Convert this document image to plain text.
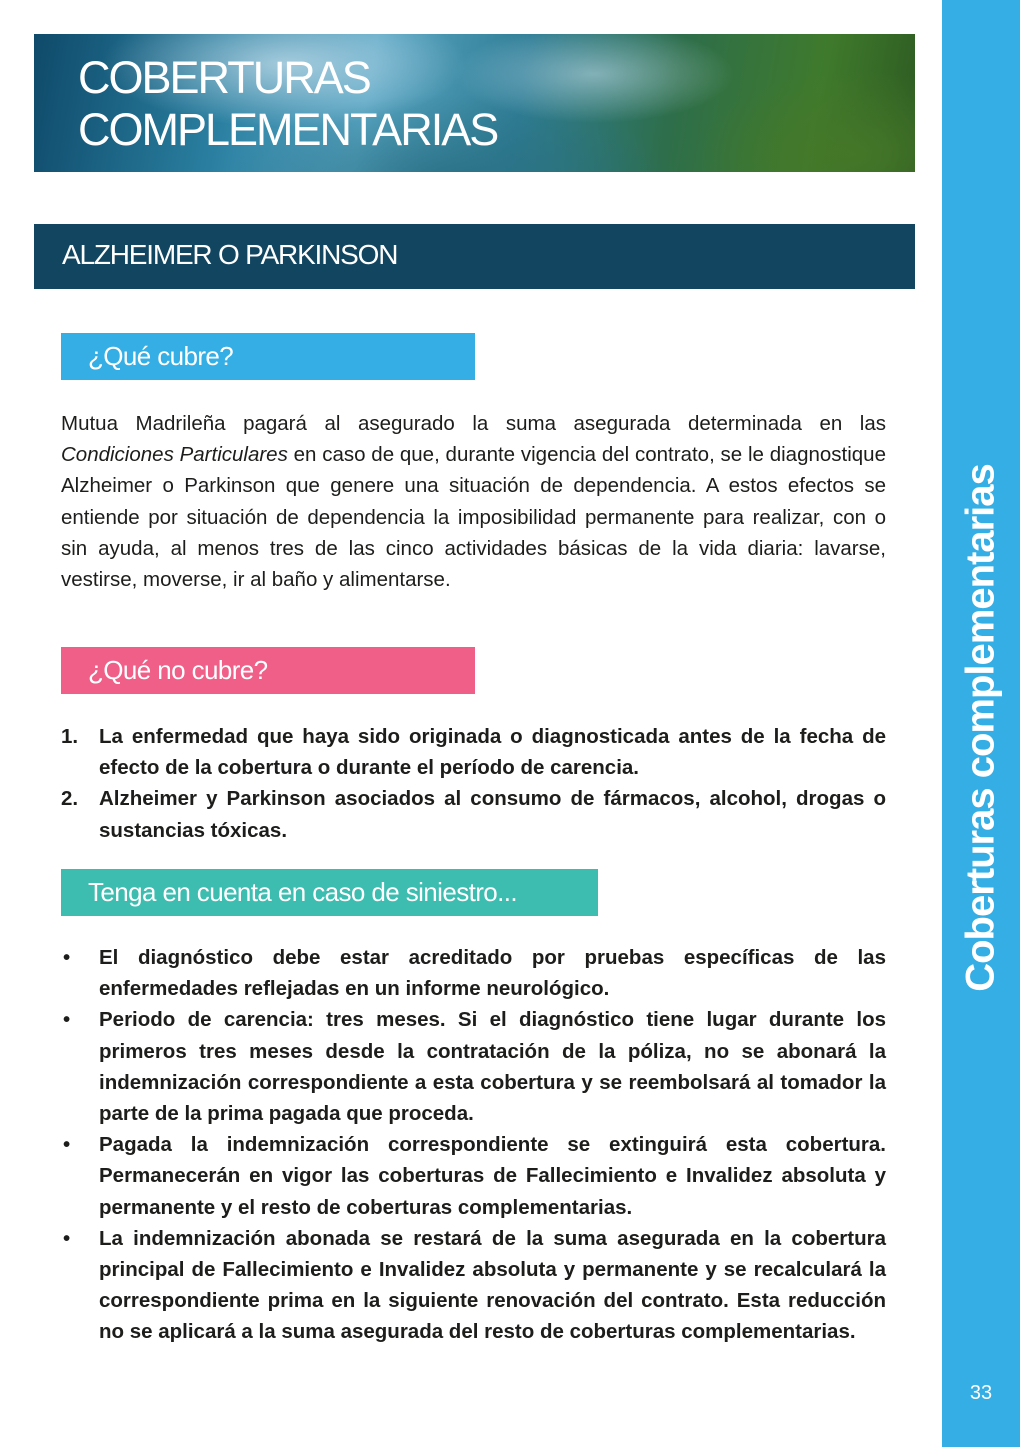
COBERTURAS
COMPLEMENTARIAS
ALZHEIMER O PARKINSON
¿Qué cubre?

Mutua Madrileña pagará al asegurado la suma asegurada determinada en las Condiciones Particulares en caso de que, durante vigencia del contrato, se le diagnostique Alzheimer o Parkinson que genere una situación de dependencia. A estos efectos se entiende por situación de dependencia la imposibilidad permanente para realizar, con o sin ayuda, al menos tres de las cinco actividades básicas de la vida diaria: lavarse, vestirse, moverse, ir al baño y alimentarse.

¿Qué no cubre?
1. La enfermedad que haya sido originada o diagnosticada antes de la fecha de efecto de la cobertura o durante el período de carencia.
2. Alzheimer y Parkinson asociados al consumo de fármacos, alcohol, drogas o sustancias tóxicas.
Tenga en cuenta en caso de siniestro...
• El diagnóstico debe estar acreditado por pruebas específicas de las enfermedades reflejadas en un informe neurológico.
• Periodo de carencia: tres meses. Si el diagnóstico tiene lugar durante los primeros tres meses desde la contratación de la póliza, no se abonará la indemnización correspondiente a esta cobertura y se reembolsará al tomador la parte de la prima pagada que proceda.
• Pagada la indemnización correspondiente se extinguirá esta cobertura. Permanecerán en vigor las coberturas de Fallecimiento e Invalidez absoluta y permanente y el resto de coberturas complementarias.
• La indemnización abonada se restará de la suma asegurada en la cobertura principal de Fallecimiento e Invalidez absoluta y permanente y se recalculará la correspondiente prima en la siguiente renovación del contrato. Esta reducción no se aplicará a la suma asegurada del resto de coberturas complementarias.
Coberturas complementarias
33
